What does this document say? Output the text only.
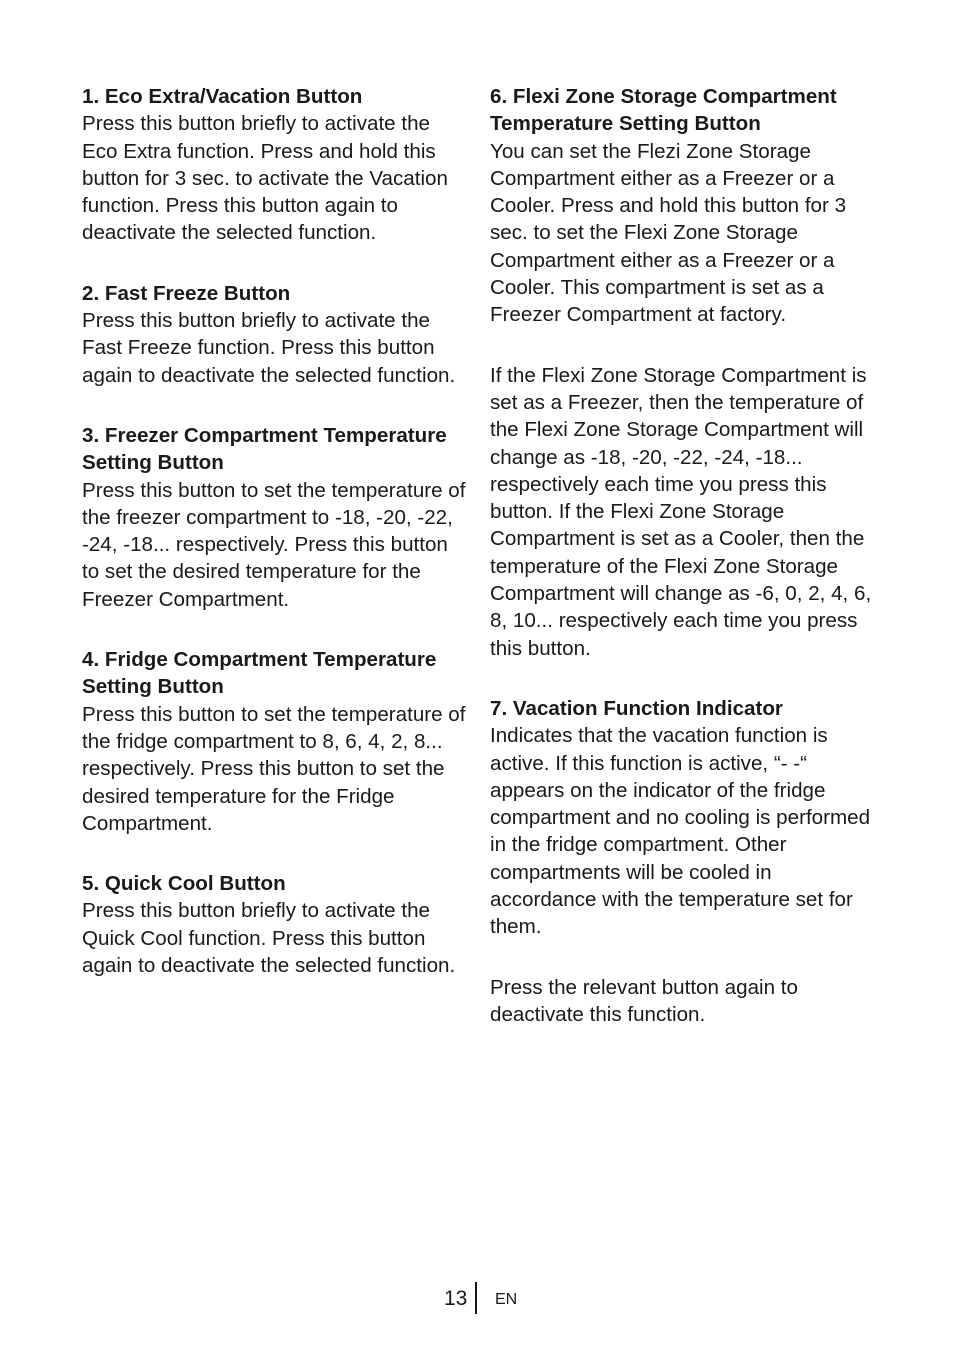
1. Eco Extra/Vacation Button
Press this button briefly to activate the Eco Extra function. Press and hold this button for 3 sec. to activate the Vacation function. Press this button again to deactivate the selected function.
2. Fast Freeze Button
Press this button briefly to activate the Fast Freeze function. Press this button again to deactivate the selected function.
3. Freezer Compartment Temperature Setting Button
Press this button to set the temperature of the freezer compartment to -18, -20, -22, -24, -18... respectively. Press this button to set the desired temperature for the Freezer Compartment.
4. Fridge Compartment Temperature Setting Button
Press this button to set the temperature of the fridge compartment to 8, 6, 4, 2, 8... respectively. Press this button to set the desired temperature for the Fridge Compartment.
5. Quick Cool Button
Press this button briefly to activate the Quick Cool function. Press this button again to deactivate the selected function.
6. Flexi Zone Storage Compartment Temperature Setting Button
You can set the Flezi Zone Storage Compartment either as a Freezer or a Cooler. Press and hold this button for 3 sec. to set the Flexi Zone Storage Compartment either as a Freezer or a Cooler. This compartment is set as a Freezer Compartment at factory.
If the Flexi Zone Storage Compartment is set as a Freezer, then the temperature of the Flexi Zone Storage Compartment will change as -18, -20, -22, -24, -18... respectively each time you press this button. If the Flexi Zone Storage Compartment is set as a Cooler, then the temperature of the Flexi Zone Storage Compartment will change as -6, 0, 2, 4, 6, 8, 10... respectively each time you press this button.
7. Vacation Function Indicator
Indicates that the vacation function is active. If this function is active, “- -“ appears on the indicator of the fridge compartment and no cooling is performed in the fridge compartment. Other compartments will be cooled in accordance with the temperature set for them.
Press the relevant button again to deactivate this function.
13 EN
